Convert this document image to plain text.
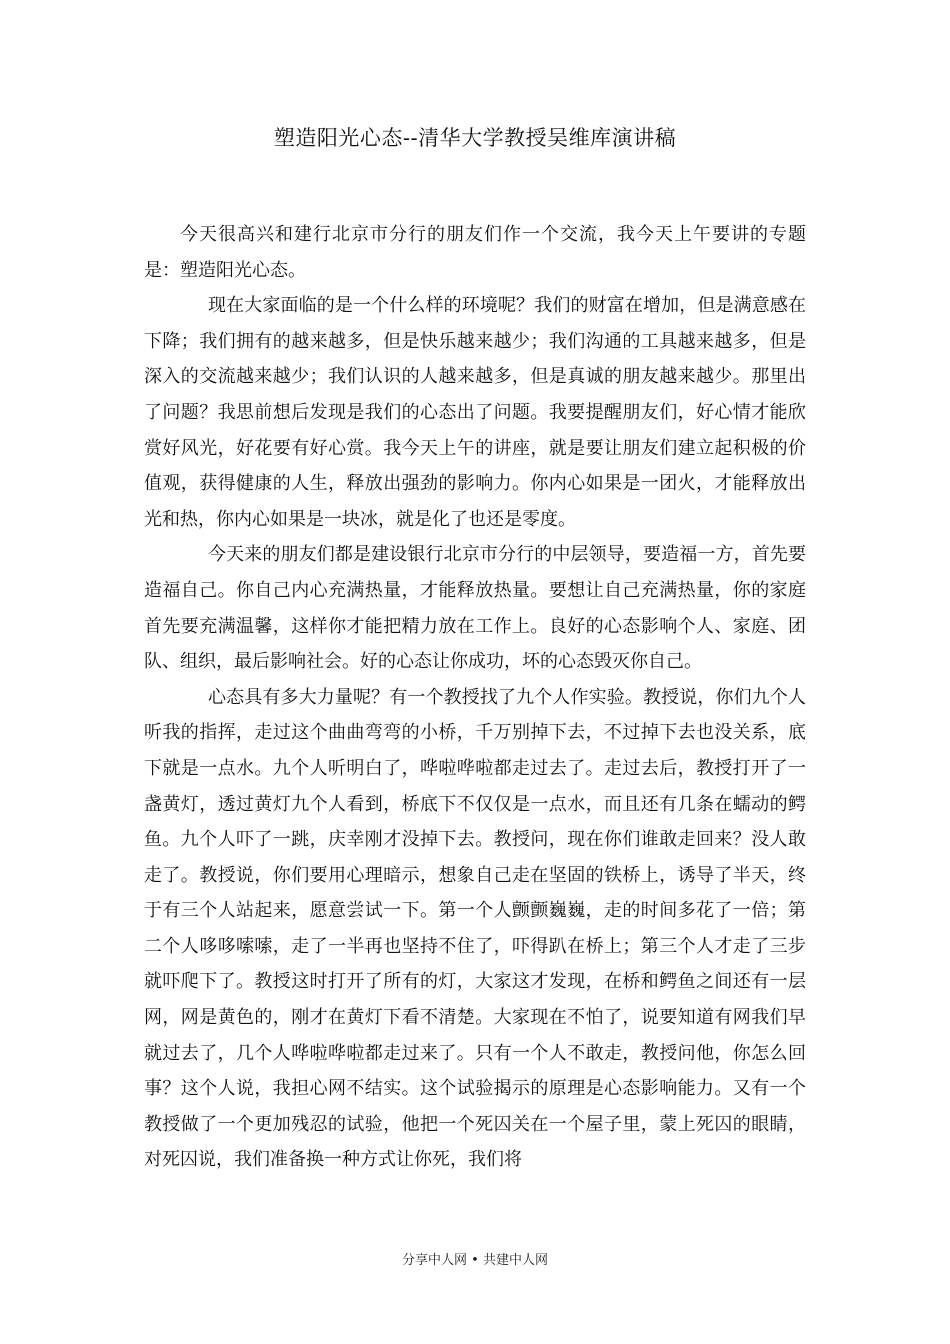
塑造阳光心态--清华大学教授吴维库演讲稿

今天很高兴和建行北京市分行的朋友们作一个交流，我今天上午要讲的专题是：塑造阳光心态。

现在大家面临的是一个什么样的环境呢？我们的财富在增加，但是满意感在下降；我们拥有的越来越多，但是快乐越来越少；我们沟通的工具越来越多，但是深入的交流越来越少；我们认识的人越来越多，但是真诚的朋友越来越少。那里出了问题？我思前想后发现是我们的心态出了问题。我要提醒朋友们，好心情才能欣赏好风光，好花要有好心赏。我今天上午的讲座，就是要让朋友们建立起积极的价值观，获得健康的人生，释放出强劲的影响力。你内心如果是一团火，才能释放出光和热，你内心如果是一块冰，就是化了也还是零度。

今天来的朋友们都是建设银行北京市分行的中层领导，要造福一方，首先要造福自己。你自己内心充满热量，才能释放热量。要想让自己充满热量，你的家庭首先要充满温馨，这样你才能把精力放在工作上。良好的心态影响个人、家庭、团队、组织，最后影响社会。好的心态让你成功，坏的心态毁灭你自己。

心态具有多大力量呢？有一个教授找了九个人作实验。教授说，你们九个人听我的指挥，走过这个曲曲弯弯的小桥，千万别掉下去，不过掉下去也没关系，底下就是一点水。九个人听明白了，哗啦哗啦都走过去了。走过去后，教授打开了一盏黄灯，透过黄灯九个人看到，桥底下不仅仅是一点水，而且还有几条在蠕动的鳄鱼。九个人吓了一跳，庆幸刚才没掉下去。教授问，现在你们谁敢走回来？没人敢走了。教授说，你们要用心理暗示，想象自己走在坚固的铁桥上，诱导了半天，终于有三个人站起来，愿意尝试一下。第一个人颤颤巍巍，走的时间多花了一倍；第二个人哆哆嗦嗦，走了一半再也坚持不住了，吓得趴在桥上；第三个人才走了三步就吓爬下了。教授这时打开了所有的灯，大家这才发现，在桥和鳄鱼之间还有一层网，网是黄色的，刚才在黄灯下看不清楚。大家现在不怕了，说要知道有网我们早就过去了，几个人哗啦哗啦都走过来了。只有一个人不敢走，教授问他，你怎么回事？这个人说，我担心网不结实。这个试验揭示的原理是心态影响能力。又有一个教授做了一个更加残忍的试验，他把一个死囚关在一个屋子里，蒙上死囚的眼睛，对死囚说，我们准备换一种方式让你死，我们将

分享中人网 • 共建中人网
